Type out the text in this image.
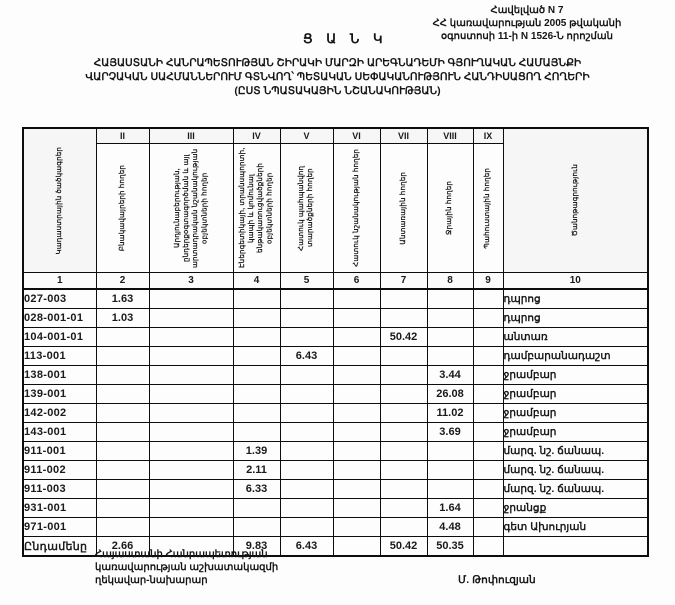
Հավելված N 7
ՀՀ կառավարության 2005 թվականի
օգոստոսի 11-ի N 1526-Ն որոշման
Ց Ա Ն Կ
ՀԱՅԱՍՏԱՆԻ ՀԱՆՐԱՊԵՏՈՒԹՅԱՆ ՇԻՐԱԿԻ ՄԱՐԶԻ ԱՐԵԳՆԱԴԵՄԻ ԳՅՈՒՂԱԿԱՆ ՀԱՄԱՅՆՔԻ
ՎԱՐՉԱԿԱՆ ՍԱՀՄԱՆՆԵՐՈՒՄ ԳՏՆՎՈՂ՝ ՊԵՏԱԿԱՆ ՍԵՓԱԿԱՆՈՒԹՅՈՒՆ ՀԱՆԴԻՍԱՑՈՂ ՀՈՂԵՐԻ
(ԸՍՏ ՆՊԱՏԱԿԱՅԻՆ ՆՇԱՆԱԿՈՒԹՅԱՆ)
Կադաստրային ծածկագրեր	II	III	IV	V	VI	VII	VIII	IX	Ծանոթագրություն

	Բնակավայրերի հողեր	Արդյունաբերության, ընդերքօգտագործման և այլ արտադրական նշանակության օբյեկտների հողեր	Էներգետիկայի, տրանսպորտի, կապի և կոմունալ ենթակառուցվածքների օբյեկտների հողեր	Հատուկ պահպանվող տարածքների հողեր	Հատուկ նշանակության հողեր	Անտառային հողեր	Ջրային հողեր	Պահուստային հողեր	

1	2	3	4	5	6	7	8	9	10
027-003	1.63								դպրոց
028-001-01	1.03								դպրոց
104-001-01						50.42			անտառ
113-001				6.43					դամբարանադաշտ
138-001							3.44		ջրամբար
139-001							26.08		ջրամբար
142-002							11.02		ջրամբար
143-001							3.69		ջրամբար
911-001			1.39						մարզ. նշ. ճանապ.
911-002			2.11						մարզ. նշ. ճանապ.
911-003			6.33						մարզ. նշ. ճանապ.
931-001							1.64		ջրանցք
971-001							4.48		գետ Ախուրյան
Ընդամենը	2.66		9.83	6.43		50.42	50.35		
Հայաստանի Հանրապետության
կառավարության աշխատակազմի
ղեկավար-նախարար	Մ. Թոփուզյան
